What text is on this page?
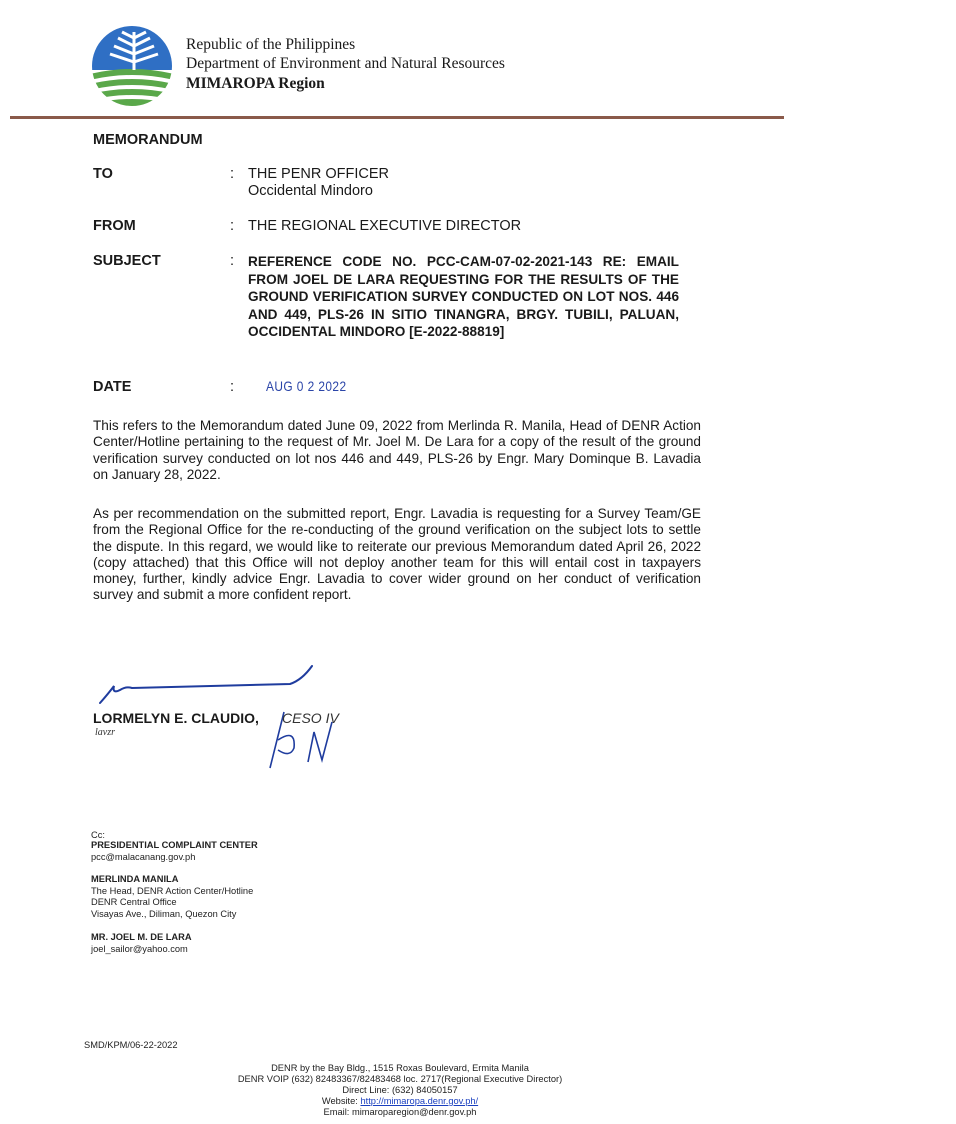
Republic of the Philippines
Department of Environment and Natural Resources
MIMAROPA Region
MEMORANDUM
TO	: THE PENR OFFICER
Occidental Mindoro
FROM	: THE REGIONAL EXECUTIVE DIRECTOR
SUBJECT	: REFERENCE CODE NO. PCC-CAM-07-02-2021-143 RE: EMAIL FROM JOEL DE LARA REQUESTING FOR THE RESULTS OF THE GROUND VERIFICATION SURVEY CONDUCTED ON LOT NOS. 446 AND 449, PLS-26 IN SITIO TINANGRA, BRGY. TUBILI, PALUAN, OCCIDENTAL MINDORO [E-2022-88819]
DATE	: AUG 0 2 2022
This refers to the Memorandum dated June 09, 2022 from Merlinda R. Manila, Head of DENR Action Center/Hotline pertaining to the request of Mr. Joel M. De Lara for a copy of the result of the ground verification survey conducted on lot nos 446 and 449, PLS-26 by Engr. Mary Dominque B. Lavadia on January 28, 2022.
As per recommendation on the submitted report, Engr. Lavadia is requesting for a Survey Team/GE from the Regional Office for the re-conducting of the ground verification on the subject lots to settle the dispute. In this regard, we would like to reiterate our previous Memorandum dated April 26, 2022 (copy attached) that this Office will not deploy another team for this will entail cost in taxpayers money, further, kindly advice Engr. Lavadia to cover wider ground on her conduct of verification survey and submit a more confident report.
LORMELYN E. CLAUDIO, CESO IV
lavzr
Cc:
PRESIDENTIAL COMPLAINT CENTER
pcc@malacanang.gov.ph
MERLINDA MANILA
The Head, DENR Action Center/Hotline
DENR Central Office
Visayas Ave., Diliman, Quezon City
MR. JOEL M. DE LARA
joel_sailor@yahoo.com
SMD/KPM/06-22-2022
DENR by the Bay Bldg., 1515 Roxas Boulevard, Ermita Manila
DENR VOIP (632) 82483367/82483468 loc. 2717(Regional Executive Director)
Direct Line: (632) 84050157
Website: http://mimaropa.denr.gov.ph/
Email: mimaroparegion@denr.gov.ph
